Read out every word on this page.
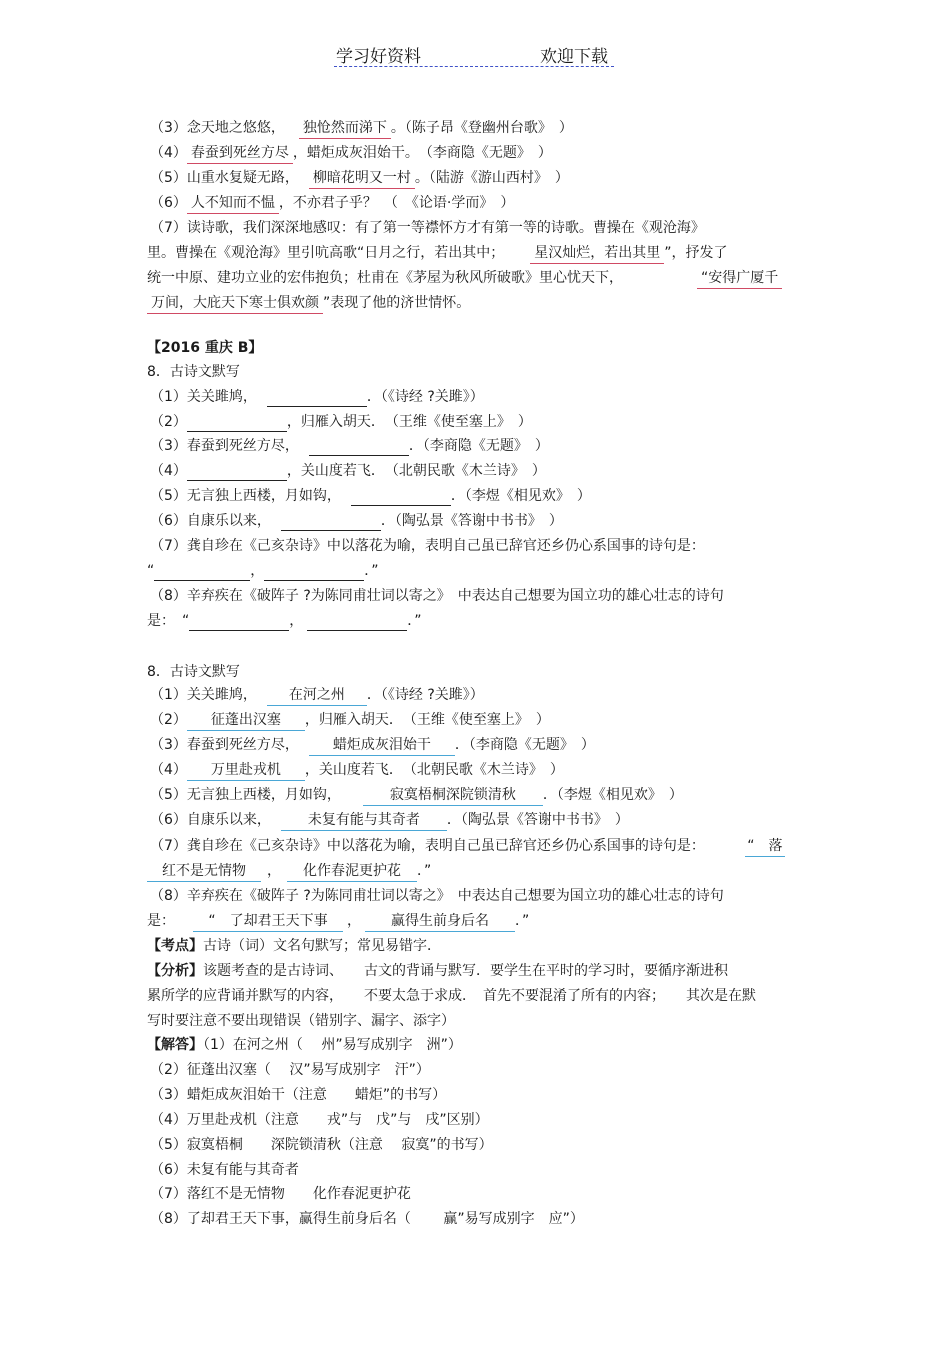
学习好资料	欢迎下载
（3）念天地之悠悠， 独怆然而涕下 。（陈子昂《登幽州台歌》　）
（4） 春蚕到死丝方尽 ，蜡炬成灰泪始干。　（李商隐《无题》　）
（5）山重水复疑无路， 柳暗花明又一村 。（陆游《游山西村》　）
（6） 人不知而不愠 ，不亦君子乎？　（　《论语·学而》　）
（7）读诗歌，我们深深地感叹：有了第一等襟怀方才有第一等的诗歌。曹操在《观沧海》
里。曹操在《观沧海》里引吭高歌“日月之行，若出其中； 星汉灿烂，若出其里 ”，抒发了
统一中原、建功立业的宏伟抱负；杜甫在《茅屋为秋风所破歌》里心忧天下，	“安得广厦千
万间，大庇天下寒士俱欢颜 ”表现了他的济世情怀。
【2016 重庆 B】
8．古诗文默写
（1）关关雎鸠，	．（《诗经 ?关雎》）
（2）	，归雁入胡天．　（王维《使至塞上》　）
（3）春蚕到死丝方尽，	．（李商隐《无题》　）
（4）	，关山度若飞．　（北朝民歌《木兰诗》　）
（5）无言独上西楼，月如钩，	．（李煜《相见欢》　）
（6）自康乐以来，	．（陶弘景《答谢中书书》　）
（7）龚自珍在《己亥杂诗》中以落花为喻，表明自己虽已辞官还乡仍心系国事的诗句是：
“	，	．”
（8）辛弃疾在《破阵子 ?为陈同甫壮词以寄之》　中表达自己想要为国立功的雄心壮志的诗句
是：　“	，	．”
8．古诗文默写
（1）关关雎鸠， 在河之州 ．（《诗经 ?关雎》）
（2） 征蓬出汉塞 ，归雁入胡天．　（王维《使至塞上》　）
（3）春蚕到死丝方尽， 蜡炬成灰泪始干 ．（李商隐《无题》　）
（4） 万里赴戎机 ，关山度若飞．　（北朝民歌《木兰诗》　）
（5）无言独上西楼，月如钩，	寂寞梧桐深院锁清秋 ．（李煜《相见欢》　）
（6）自康乐以来，	未复有能与其奇者 ．（陶弘景《答谢中书书》　）
（7）龚自珍在《己亥杂诗》中以落花为喻，表明自己虽已辞官还乡仍心系国事的诗句是：	“　落
红不是无情物 ， 化作春泥更护花 ．”
（8）辛弃疾在《破阵子 ?为陈同甫壮词以寄之》　中表达自己想要为国立功的雄心壮志的诗句
是： “　了却君王天下事 ， 赢得生前身后名 ．”
【考点】古诗（词）文名句默写；常见易错字．
【分析】该题考查的是古诗词、　　古文的背诵与默写．要学生在平时的学习时，要循序渐进积
累所学的应背诵并默写的内容，　　不要太急于求成．　首先不要混淆了所有的内容；　　其次是在默
写时要注意不要出现错误（错别字、漏字、添字）
【解答】（1）在河之州（　 州”易写成别字　洲”）
（2）征蓬出汉塞（　 汉”易写成别字　汗”）
（3）蜡炬成灰泪始干（注意　　蜡炬”的书写）
（4）万里赴戎机（注意　　戎”与　戊”与　戌”区别）
（5）寂寞梧桐　　深院锁清秋（注意　 寂寞”的书写）
（6）未复有能与其奇者
（7）落红不是无情物　　化作春泥更护花
（8）了却君王天下事，赢得生前身后名（　　 赢”易写成别字　应”）
